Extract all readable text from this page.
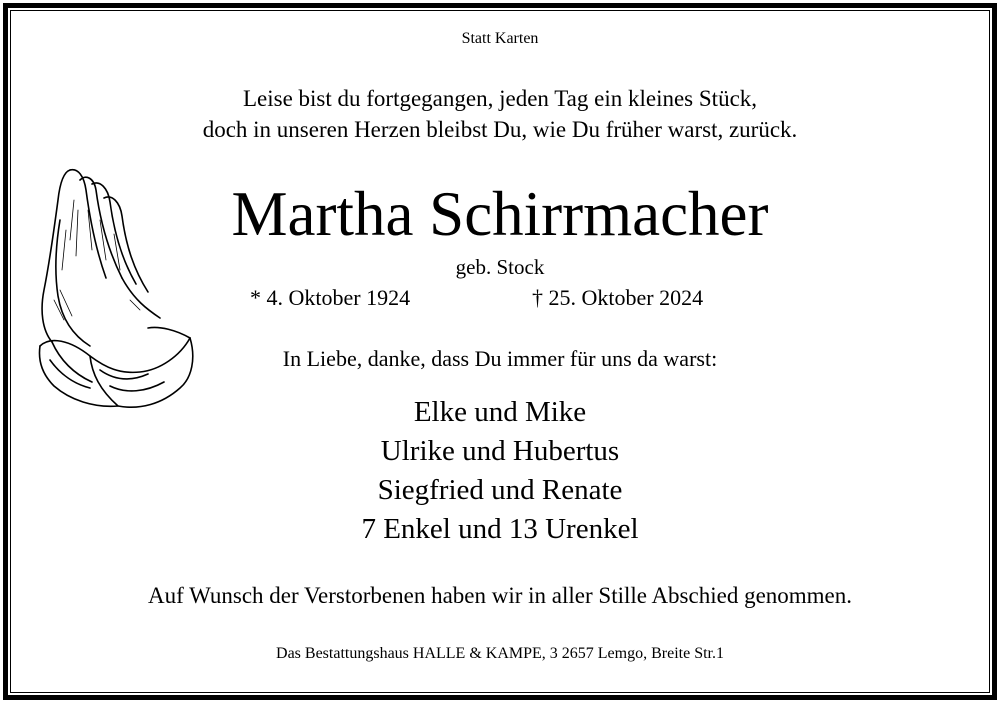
Statt Karten
Leise bist du fortgegangen, jeden Tag ein kleines Stück,
doch in unseren Herzen bleibst Du, wie Du früher warst, zurück.
Martha Schirrmacher
geb. Stock
* 4. Oktober 1924	† 25. Oktober 2024
In Liebe, danke, dass Du immer für uns da warst:
Elke und Mike
Ulrike und Hubertus
Siegfried und Renate
7 Enkel und 13 Urenkel
Auf Wunsch der Verstorbenen haben wir in aller Stille Abschied genommen.
Das Bestattungshaus HALLE & KAMPE, 3 2657 Lemgo, Breite Str.1
